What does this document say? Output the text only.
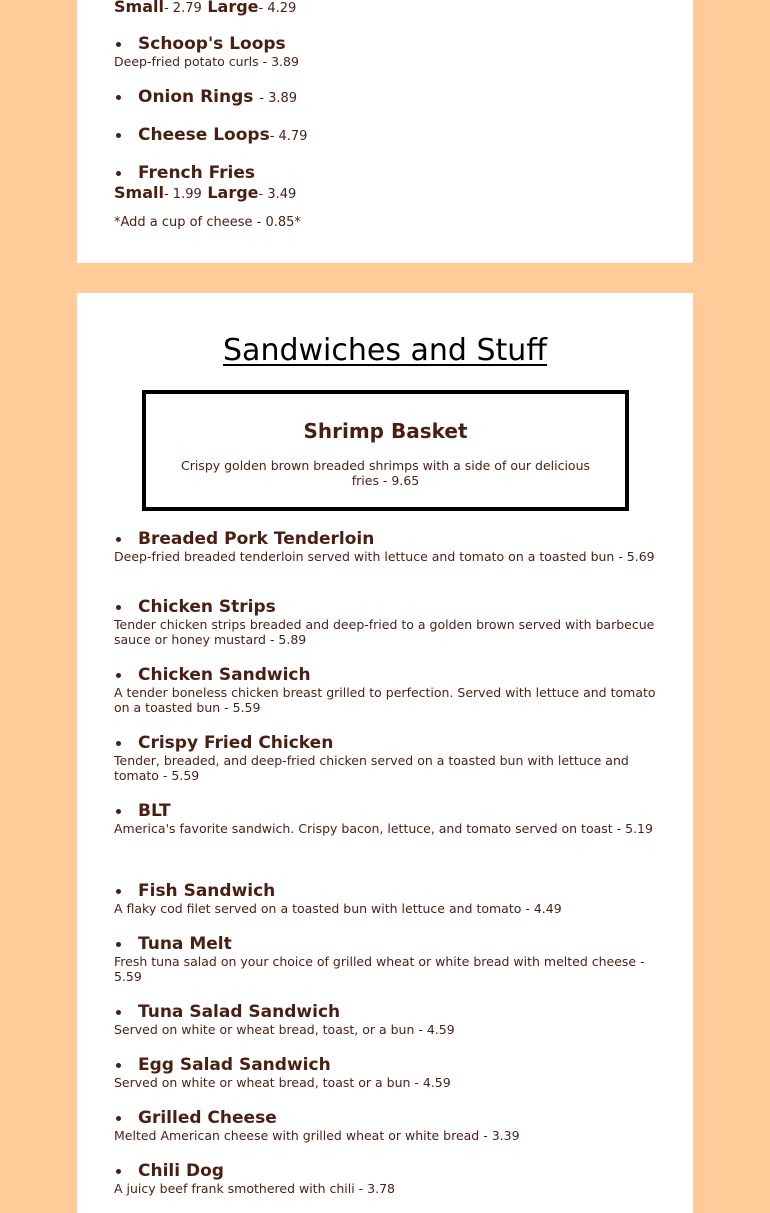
Small- 2.79 Large- 4.29
Schoop's Loops
Deep-fried potato curls - 3.89
Onion Rings - 3.89
Cheese Loops- 4.79
French Fries
Small- 1.99 Large- 3.49
*Add a cup of cheese - 0.85*
Sandwiches and Stuff
Shrimp Basket
Crispy golden brown breaded shrimps with a side of our delicious fries - 9.65
Breaded Pork Tenderloin
Deep-fried breaded tenderloin served with lettuce and tomato on a toasted bun - 5.69
Chicken Strips
Tender chicken strips breaded and deep-fried to a golden brown served with barbecue sauce or honey mustard - 5.89
Chicken Sandwich
A tender boneless chicken breast grilled to perfection. Served with lettuce and tomato on a toasted bun - 5.59
Crispy Fried Chicken
Tender, breaded, and deep-fried chicken served on a toasted bun with lettuce and tomato - 5.59
BLT
America's favorite sandwich. Crispy bacon, lettuce, and tomato served on toast - 5.19
Fish Sandwich
A flaky cod filet served on a toasted bun with lettuce and tomato - 4.49
Tuna Melt
Fresh tuna salad on your choice of grilled wheat or white bread with melted cheese - 5.59
Tuna Salad Sandwich
Served on white or wheat bread, toast, or a bun - 4.59
Egg Salad Sandwich
Served on white or wheat bread, toast or a bun - 4.59
Grilled Cheese
Melted American cheese with grilled wheat or white bread - 3.39
Chili Dog
A juicy beef frank smothered with chili - 3.78
